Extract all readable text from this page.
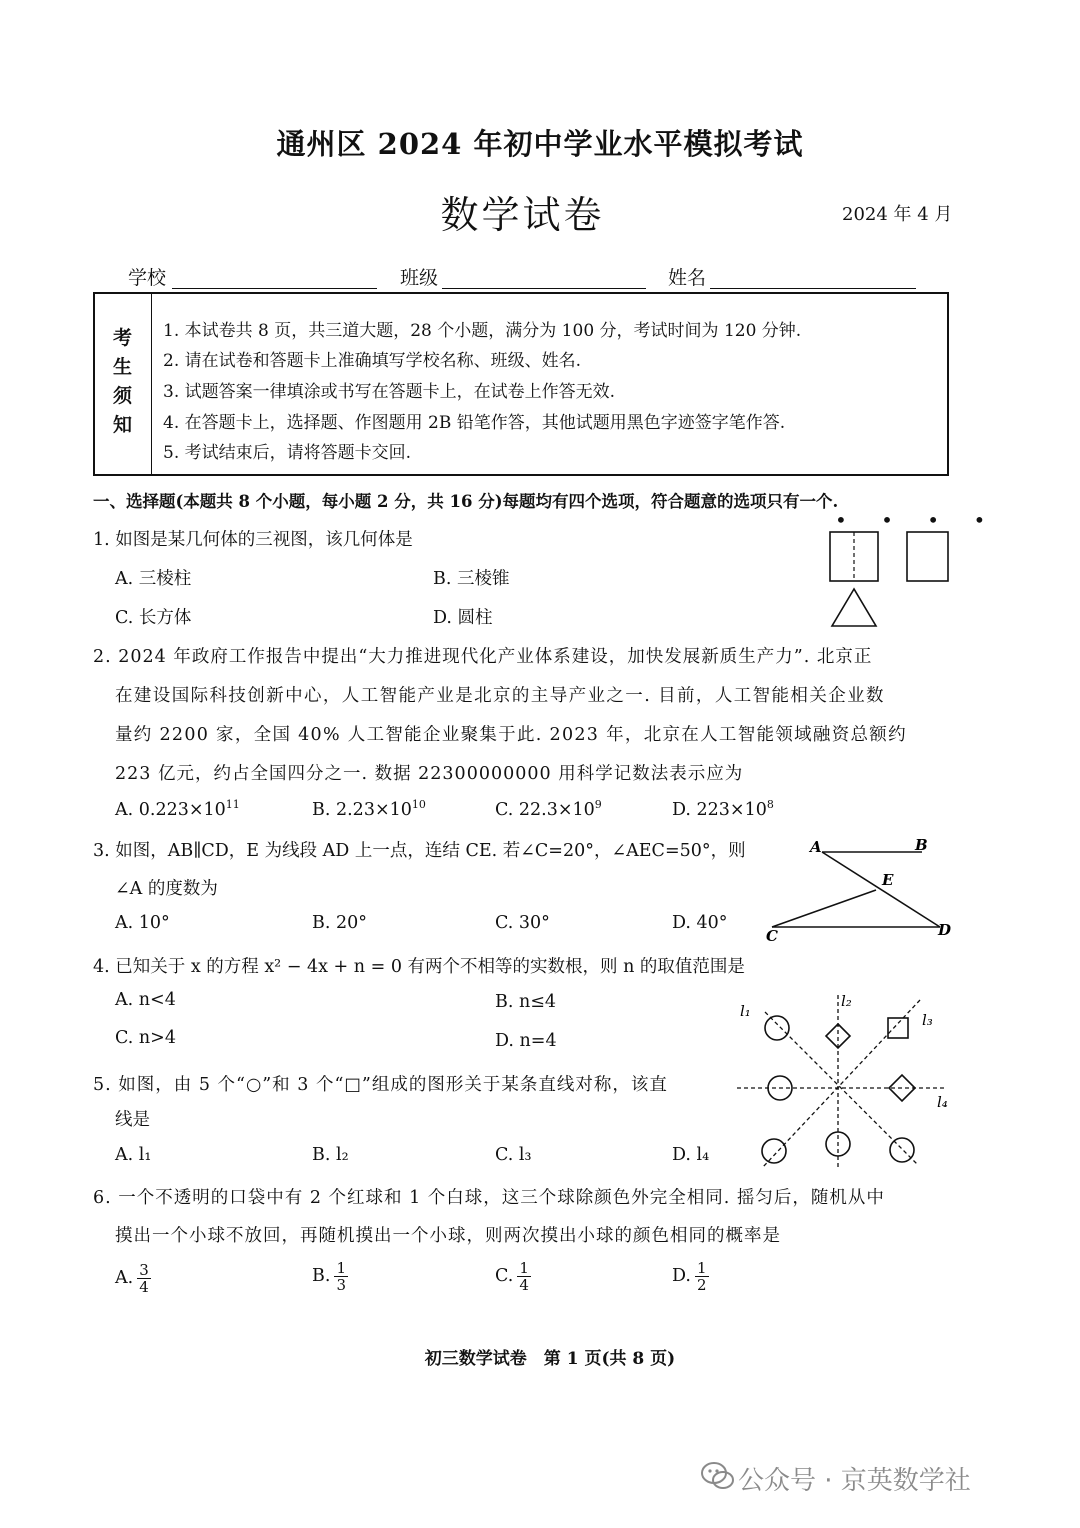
通州区 2024 年初中学业水平模拟考试
数学试卷	2024 年 4 月
学校	班级	姓名
考生须知
1. 本试卷共 8 页，共三道大题，28 个小题，满分为 100 分，考试时间为 120 分钟.
2. 请在试卷和答题卡上准确填写学校名称、班级、姓名.
3. 试题答案一律填涂或书写在答题卡上，在试卷上作答无效.
4. 在答题卡上，选择题、作图题用 2B 铅笔作答，其他试题用黑色字迹签字笔作答.
5. 考试结束后，请将答题卡交回.
一、选择题(本题共 8 个小题，每小题 2 分，共 16 分)每题均有四个选项，符合题意的选项只有一个.
• • • •
1. 如图是某几何体的三视图，该几何体是
A. 三棱柱	B. 三棱锥
C. 长方体	D. 圆柱
2. 2024 年政府工作报告中提出“大力推进现代化产业体系建设，加快发展新质生产力”. 北京正
在建设国际科技创新中心，人工智能产业是北京的主导产业之一. 目前，人工智能相关企业数
量约 2200 家，全国 40% 人工智能企业聚集于此. 2023 年，北京在人工智能领域融资总额约
223 亿元，约占全国四分之一. 数据 22300000000 用科学记数法表示应为
A. $0.223\times 10^{11}$	B. $2.23\times 10^{10}$	C. $22.3\times 10^9$	D. $223\times 10^8$
3. 如图，AB∥CD，E 为线段 AD 上一点，连结 CE. 若∠C=20°，∠AEC=50°，则
∠A 的度数为
A. 10°	B. 20°	C. 30°	D. 40°
A	B
E
C	D
4. 已知关于 x 的方程 x² − 4x + n = 0 有两个不相等的实数根，则 n 的取值范围是
A. n<4	B. n≤4
C. n>4	D. n=4
5. 如图，由 5 个“○”和 3 个“□”组成的图形关于某条直线对称，该直
线是
A. l₁	B. l₂	C. l₃	D. l₄
l₁
l₂
l₃
l₄
6. 一个不透明的口袋中有 2 个红球和 1 个白球，这三个球除颜色外完全相同. 摇匀后，随机从中
摸出一个小球不放回，再随机摸出一个小球，则两次摸出小球的颜色相同的概率是
A. $\frac{3}{4}$	B. $\frac{1}{3}$	C. $\frac{1}{4}$	D. $\frac{1}{2}$
初三数学试卷　第 1 页(共 8 页)
公众号 · 京英数学社
